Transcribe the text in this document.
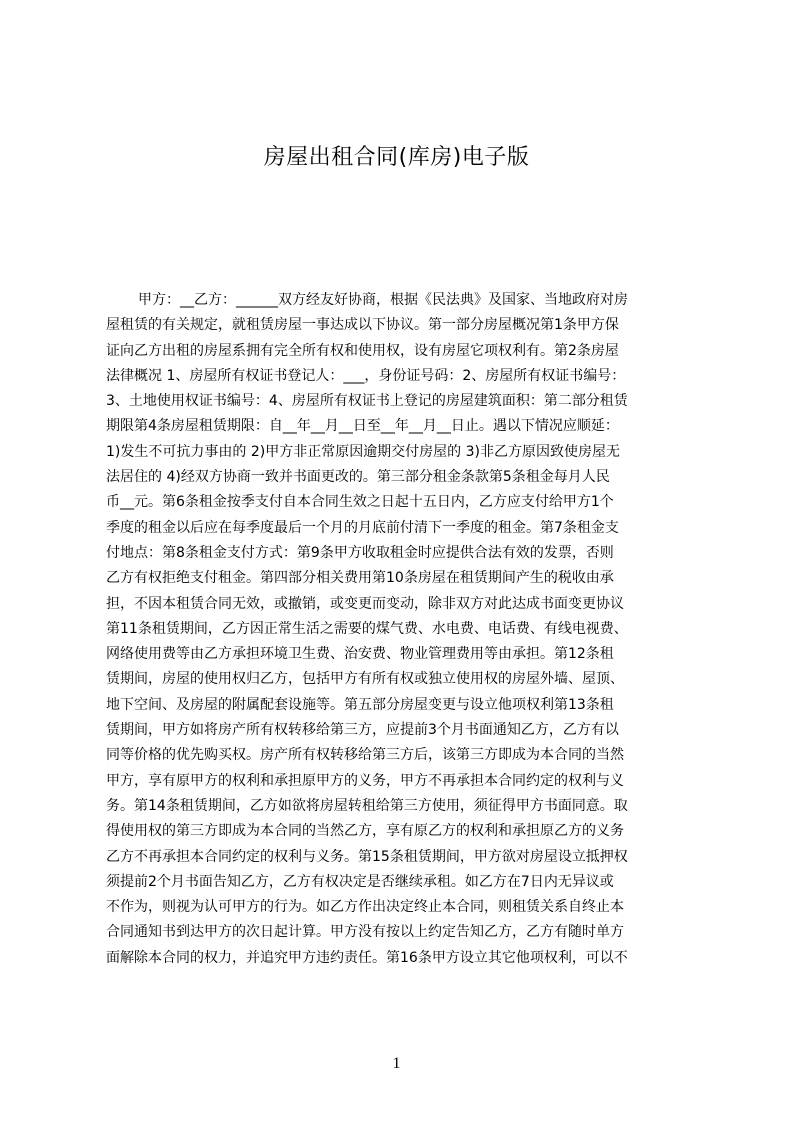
房屋出租合同(库房)电子版
甲方：__乙方：______双方经友好协商，根据《民法典》及国家、当地政府对房
屋租赁的有关规定，就租赁房屋一事达成以下协议。第一部分房屋概况第1条甲方保
证向乙方出租的房屋系拥有完全所有权和使用权，设有房屋它项权利有。第2条房屋
法律概况 1、房屋所有权证书登记人：___，身份证号码：2、房屋所有权证书编号：
3、土地使用权证书编号：4、房屋所有权证书上登记的房屋建筑面积：第二部分租赁
期限第4条房屋租赁期限：自__年__月__日至__年__月__日止。遇以下情况应顺延：
1)发生不可抗力事由的 2)甲方非正常原因逾期交付房屋的 3)非乙方原因致使房屋无
法居住的 4)经双方协商一致并书面更改的。第三部分租金条款第5条租金每月人民
币__元。第6条租金按季支付自本合同生效之日起十五日内，乙方应支付给甲方1个
季度的租金以后应在每季度最后一个月的月底前付清下一季度的租金。第7条租金支
付地点：第8条租金支付方式：第9条甲方收取租金时应提供合法有效的发票，否则
乙方有权拒绝支付租金。第四部分相关费用第10条房屋在租赁期间产生的税收由承
担，不因本租赁合同无效，或撤销，或变更而变动，除非双方对此达成书面变更协议
第11条租赁期间，乙方因正常生活之需要的煤气费、水电费、电话费、有线电视费、
网络使用费等由乙方承担环境卫生费、治安费、物业管理费用等由承担。第12条租
赁期间，房屋的使用权归乙方，包括甲方有所有权或独立使用权的房屋外墙、屋顶、
地下空间、及房屋的附属配套设施等。第五部分房屋变更与设立他项权利第13条租
赁期间，甲方如将房产所有权转移给第三方，应提前3个月书面通知乙方，乙方有以
同等价格的优先购买权。房产所有权转移给第三方后，该第三方即成为本合同的当然
甲方，享有原甲方的权利和承担原甲方的义务，甲方不再承担本合同约定的权利与义
务。第14条租赁期间，乙方如欲将房屋转租给第三方使用，须征得甲方书面同意。取
得使用权的第三方即成为本合同的当然乙方，享有原乙方的权利和承担原乙方的义务
乙方不再承担本合同约定的权利与义务。第15条租赁期间，甲方欲对房屋设立抵押权
须提前2个月书面告知乙方，乙方有权决定是否继续承租。如乙方在7日内无异议或
不作为，则视为认可甲方的行为。如乙方作出决定终止本合同，则租赁关系自终止本
合同通知书到达甲方的次日起计算。甲方没有按以上约定告知乙方，乙方有随时单方
面解除本合同的权力，并追究甲方违约责任。第16条甲方设立其它他项权利，可以不
1
